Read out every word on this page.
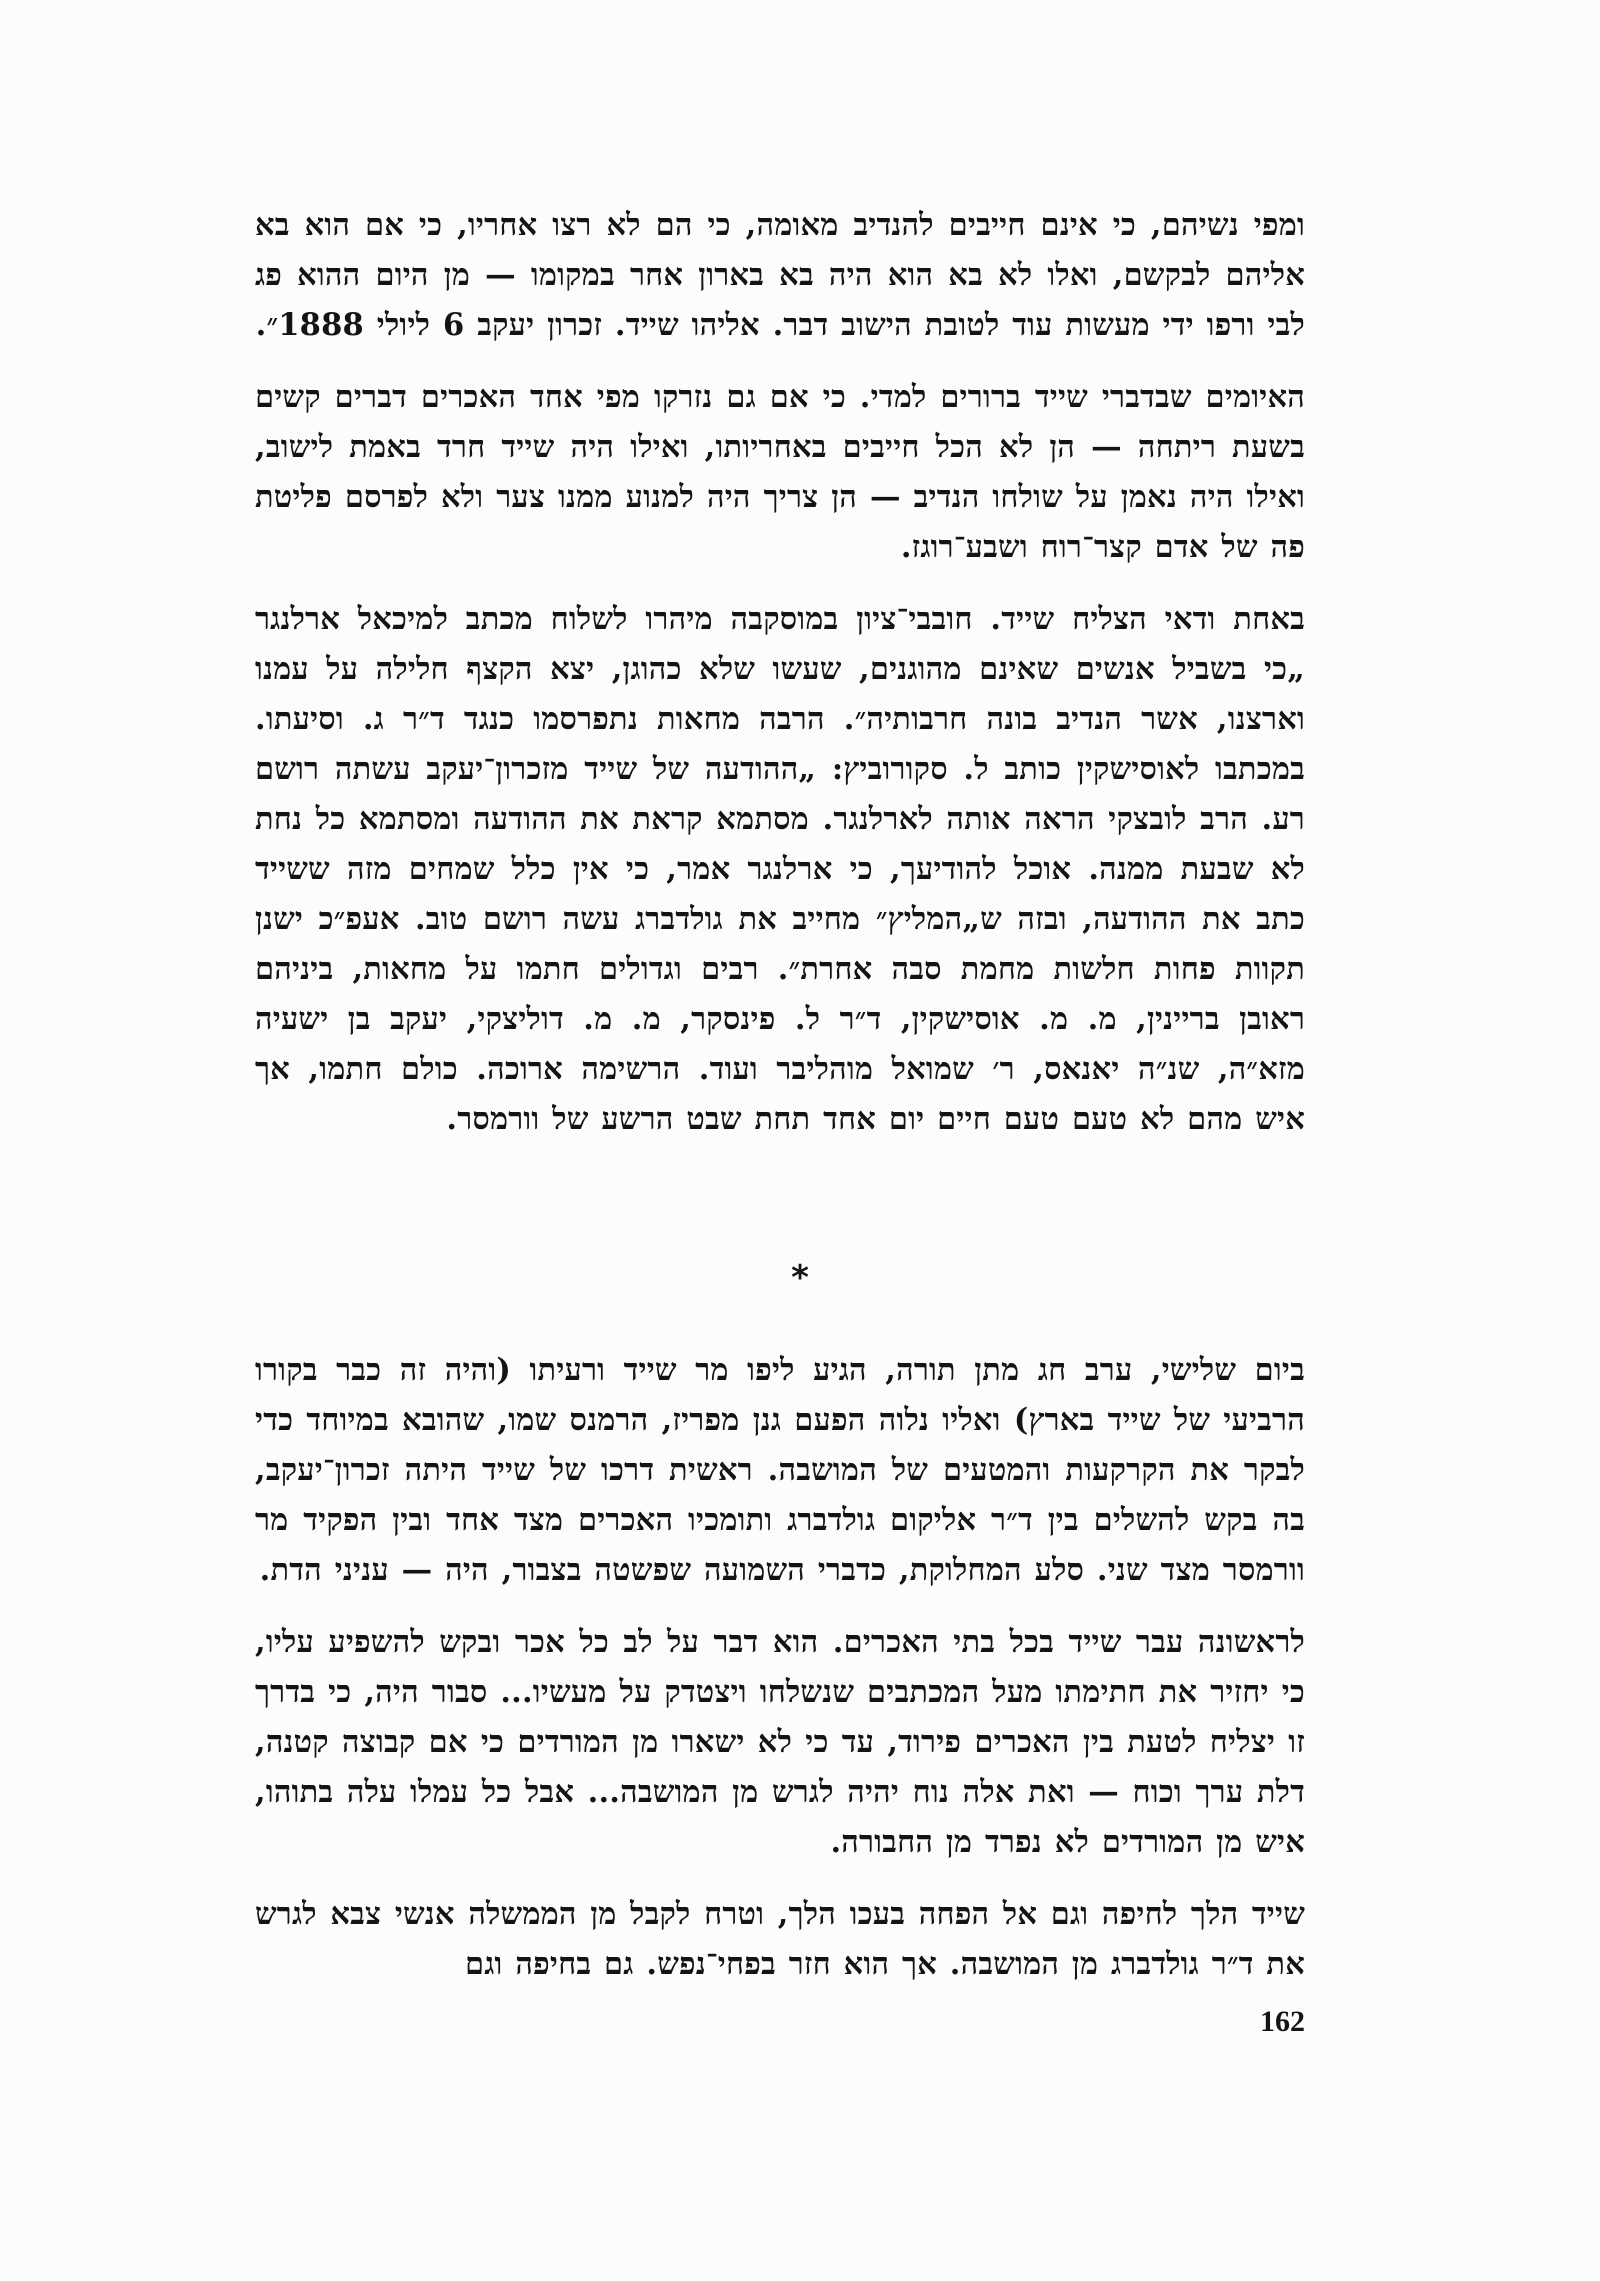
ומפי נשיהם, כי אינם חייבים להנדיב מאומה, כי הם לא רצו אחריו, כי אם הוא בא אליהם לבקשם, ואלו לא בא הוא היה בא בארון אחר במקומו — מן היום ההוא פג לבי ורפו ידי מעשות עוד לטובת הישוב דבר. אליהו שייד. זכרון יעקב 6 ליולי 1888״.

האיומים שבדברי שייד ברורים למדי. כי אם גם נזרקו מפי אחד האכרים דברים קשים בשעת ריתחה — הן לא הכל חייבים באחריותו, ואילו היה שייד חרד באמת לישוב, ואילו היה נאמן על שולחו הנדיב — הן צריך היה למנוע ממנו צער ולא לפרסם פליטת פה של אדם קצר־רוח ושבע־רוגז.

באחת ודאי הצליח שייד. חובבי־ציון במוסקבה מיהרו לשלוח מכתב למיכאל ארלנגר „כי בשביל אנשים שאינם מהוגנים, שעשו שלא כהוגן, יצא הקצף חלילה על עמנו וארצנו, אשר הנדיב בונה חרבותיה״. הרבה מחאות נתפרסמו כנגד ד״ר ג. וסיעתו. במכתבו לאוסישקין כותב ל. סקורוביץ: „ההודעה של שייד מזכרון־יעקב עשתה רושם רע. הרב לובצקי הראה אותה לארלנגר. מסתמא קראת את ההודעה ומסתמא כל נחת לא שבעת ממנה. אוכל להודיעך, כי ארלנגר אמר, כי אין כלל שמחים מזה ששייד כתב את ההודעה, ובזה ש„המליץ״ מחייב את גולדברג עשה רושם טוב. אעפ״כ ישנן תקוות פחות חלשות מחמת סבה אחרת״. רבים וגדולים חתמו על מחאות, ביניהם ראובן בריינין, מ. מ. אוסישקין, ד״ר ל. פינסקר, מ. מ. דוליצקי, יעקב בן ישעיה מזא״ה, שנ״ה יאנאס, ר׳ שמואל מוהליבר ועוד. הרשימה ארוכה. כולם חתמו, אך איש מהם לא טעם טעם חיים יום אחד תחת שבט הרשע של וורמסר.

*

ביום שלישי, ערב חג מתן תורה, הגיע ליפו מר שייד ורעיתו (והיה זה כבר בקורו הרביעי של שייד בארץ) ואליו נלוה הפעם גנן מפריז, הרמנס שמו, שהובא במיוחד כדי לבקר את הקרקעות והמטעים של המושבה. ראשית דרכו של שייד היתה זכרון־יעקב, בה בקש להשלים בין ד״ר אליקום גולדברג ותומכיו האכרים מצד אחד ובין הפקיד מר וורמסר מצד שני. סלע המחלוקת, כדברי השמועה שפשטה בצבור, היה — עניני הדת.

לראשונה עבר שייד בכל בתי האכרים. הוא דבר על לב כל אכר ובקש להשפיע עליו, כי יחזיר את חתימתו מעל המכתבים שנשלחו ויצטדק על מעשיו... סבור היה, כי בדרך זו יצליח לטעת בין האכרים פירוד, עד כי לא ישארו מן המורדים כי אם קבוצה קטנה, דלת ערך וכוח — ואת אלה נוח יהיה לגרש מן המושבה... אבל כל עמלו עלה בתוהו, איש מן המורדים לא נפרד מן החבורה.

שייד הלך לחיפה וגם אל הפחה בעכו הלך, וטרח לקבל מן הממשלה אנשי צבא לגרש את ד״ר גולדברג מן המושבה. אך הוא חזר בפחי־נפש. גם בחיפה וגם

162
